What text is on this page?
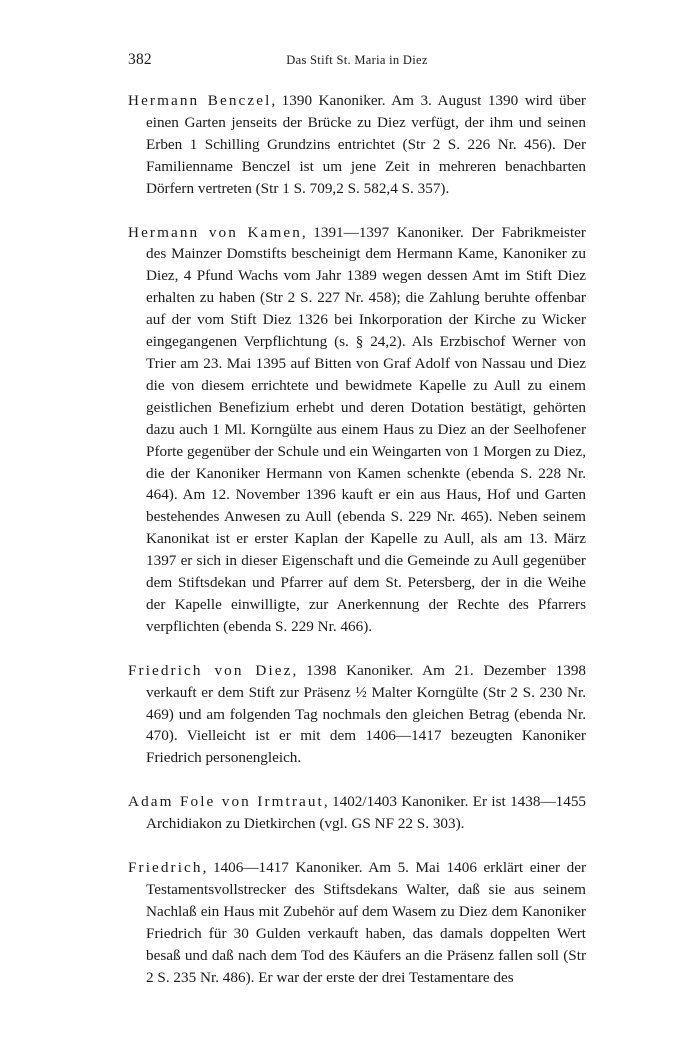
382	Das Stift St. Maria in Diez

Hermann Benczel, 1390 Kanoniker. Am 3. August 1390 wird über einen Garten jenseits der Brücke zu Diez verfügt, der ihm und seinen Erben 1 Schilling Grundzins entrichtet (Str 2 S. 226 Nr. 456). Der Familienname Benczel ist um jene Zeit in mehreren benachbarten Dörfern vertreten (Str 1 S. 709,2 S. 582,4 S. 357).

Hermann von Kamen, 1391—1397 Kanoniker. Der Fabrikmeister des Mainzer Domstifts bescheinigt dem Hermann Kame, Kanoniker zu Diez, 4 Pfund Wachs vom Jahr 1389 wegen dessen Amt im Stift Diez erhalten zu haben (Str 2 S. 227 Nr. 458); die Zahlung beruhte offenbar auf der vom Stift Diez 1326 bei Inkorporation der Kirche zu Wicker eingegangenen Verpflichtung (s. § 24,2). Als Erzbischof Werner von Trier am 23. Mai 1395 auf Bitten von Graf Adolf von Nassau und Diez die von diesem errichtete und bewidmete Kapelle zu Aull zu einem geistlichen Benefizium erhebt und deren Dotation bestätigt, gehörten dazu auch 1 Ml. Korngülte aus einem Haus zu Diez an der Seelhofener Pforte gegenüber der Schule und ein Weingarten von 1 Morgen zu Diez, die der Kanoniker Hermann von Kamen schenkte (ebenda S. 228 Nr. 464). Am 12. November 1396 kauft er ein aus Haus, Hof und Garten bestehendes Anwesen zu Aull (ebenda S. 229 Nr. 465). Neben seinem Kanonikat ist er erster Kaplan der Kapelle zu Aull, als am 13. März 1397 er sich in dieser Eigenschaft und die Gemeinde zu Aull gegenüber dem Stiftsdekan und Pfarrer auf dem St. Petersberg, der in die Weihe der Kapelle einwilligte, zur Anerkennung der Rechte des Pfarrers verpflichten (ebenda S. 229 Nr. 466).

Friedrich von Diez, 1398 Kanoniker. Am 21. Dezember 1398 verkauft er dem Stift zur Präsenz ½ Malter Korngülte (Str 2 S. 230 Nr. 469) und am folgenden Tag nochmals den gleichen Betrag (ebenda Nr. 470). Vielleicht ist er mit dem 1406—1417 bezeugten Kanoniker Friedrich personengleich.

Adam Fole von Irmtraut, 1402/1403 Kanoniker. Er ist 1438—1455 Archidiakon zu Dietkirchen (vgl. GS NF 22 S. 303).

Friedrich, 1406—1417 Kanoniker. Am 5. Mai 1406 erklärt einer der Testamentsvollstrecker des Stiftsdekans Walter, daß sie aus seinem Nachlaß ein Haus mit Zubehör auf dem Wasem zu Diez dem Kanoniker Friedrich für 30 Gulden verkauft haben, das damals doppelten Wert besaß und daß nach dem Tod des Käufers an die Präsenz fallen soll (Str 2 S. 235 Nr. 486). Er war der erste der drei Testamentare des
